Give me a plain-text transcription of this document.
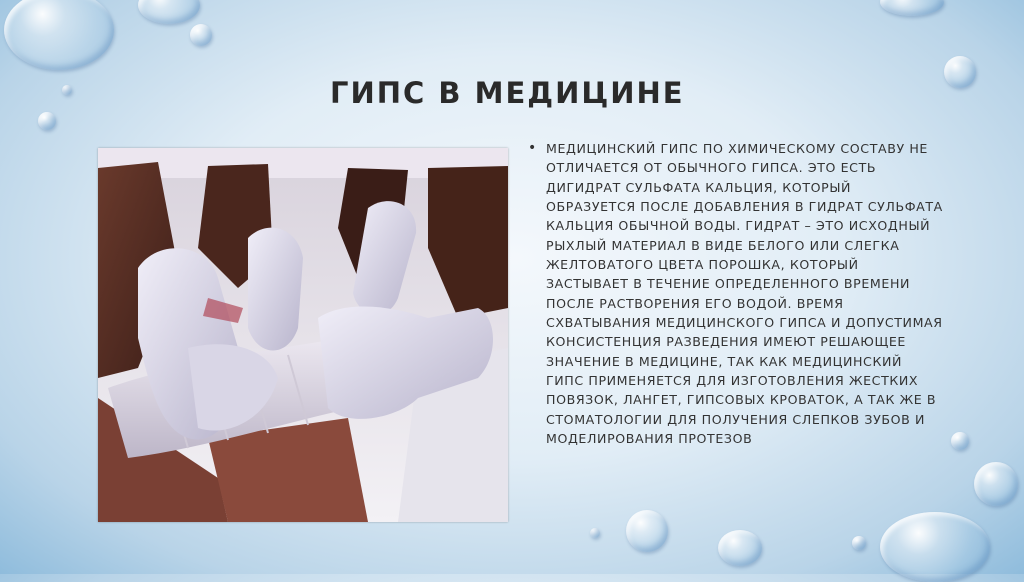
ГИПС В МЕДИЦИНЕ
• МЕДИЦИНСКИЙ ГИПС ПО ХИМИЧЕСКОМУ СОСТАВУ НЕ ОТЛИЧАЕТСЯ ОТ ОБЫЧНОГО ГИПСА. ЭТО ЕСТЬ ДИГИДРАТ СУЛЬФАТА КАЛЬЦИЯ, КОТОРЫЙ ОБРАЗУЕТСЯ ПОСЛЕ ДОБАВЛЕНИЯ В ГИДРАТ СУЛЬФАТА КАЛЬЦИЯ ОБЫЧНОЙ ВОДЫ. ГИДРАТ – ЭТО ИСХОДНЫЙ РЫХЛЫЙ МАТЕРИАЛ В ВИДЕ БЕЛОГО ИЛИ СЛЕГКА ЖЕЛТОВАТОГО ЦВЕТА ПОРОШКА, КОТОРЫЙ ЗАСТЫВАЕТ В ТЕЧЕНИЕ ОПРЕДЕЛЕННОГО ВРЕМЕНИ ПОСЛЕ РАСТВОРЕНИЯ ЕГО ВОДОЙ. ВРЕМЯ СХВАТЫВАНИЯ МЕДИЦИНСКОГО ГИПСА И ДОПУСТИМАЯ КОНСИСТЕНЦИЯ РАЗВЕДЕНИЯ ИМЕЮТ РЕШАЮЩЕЕ ЗНАЧЕНИЕ В МЕДИЦИНЕ, ТАК КАК МЕДИЦИНСКИЙ ГИПС ПРИМЕНЯЕТСЯ ДЛЯ ИЗГОТОВЛЕНИЯ ЖЕСТКИХ ПОВЯЗОК, ЛАНГЕТ, ГИПСОВЫХ КРОВАТОК, А ТАК ЖЕ В СТОМАТОЛОГИИ ДЛЯ ПОЛУЧЕНИЯ СЛЕПКОВ ЗУБОВ И МОДЕЛИРОВАНИЯ ПРОТЕЗОВ
